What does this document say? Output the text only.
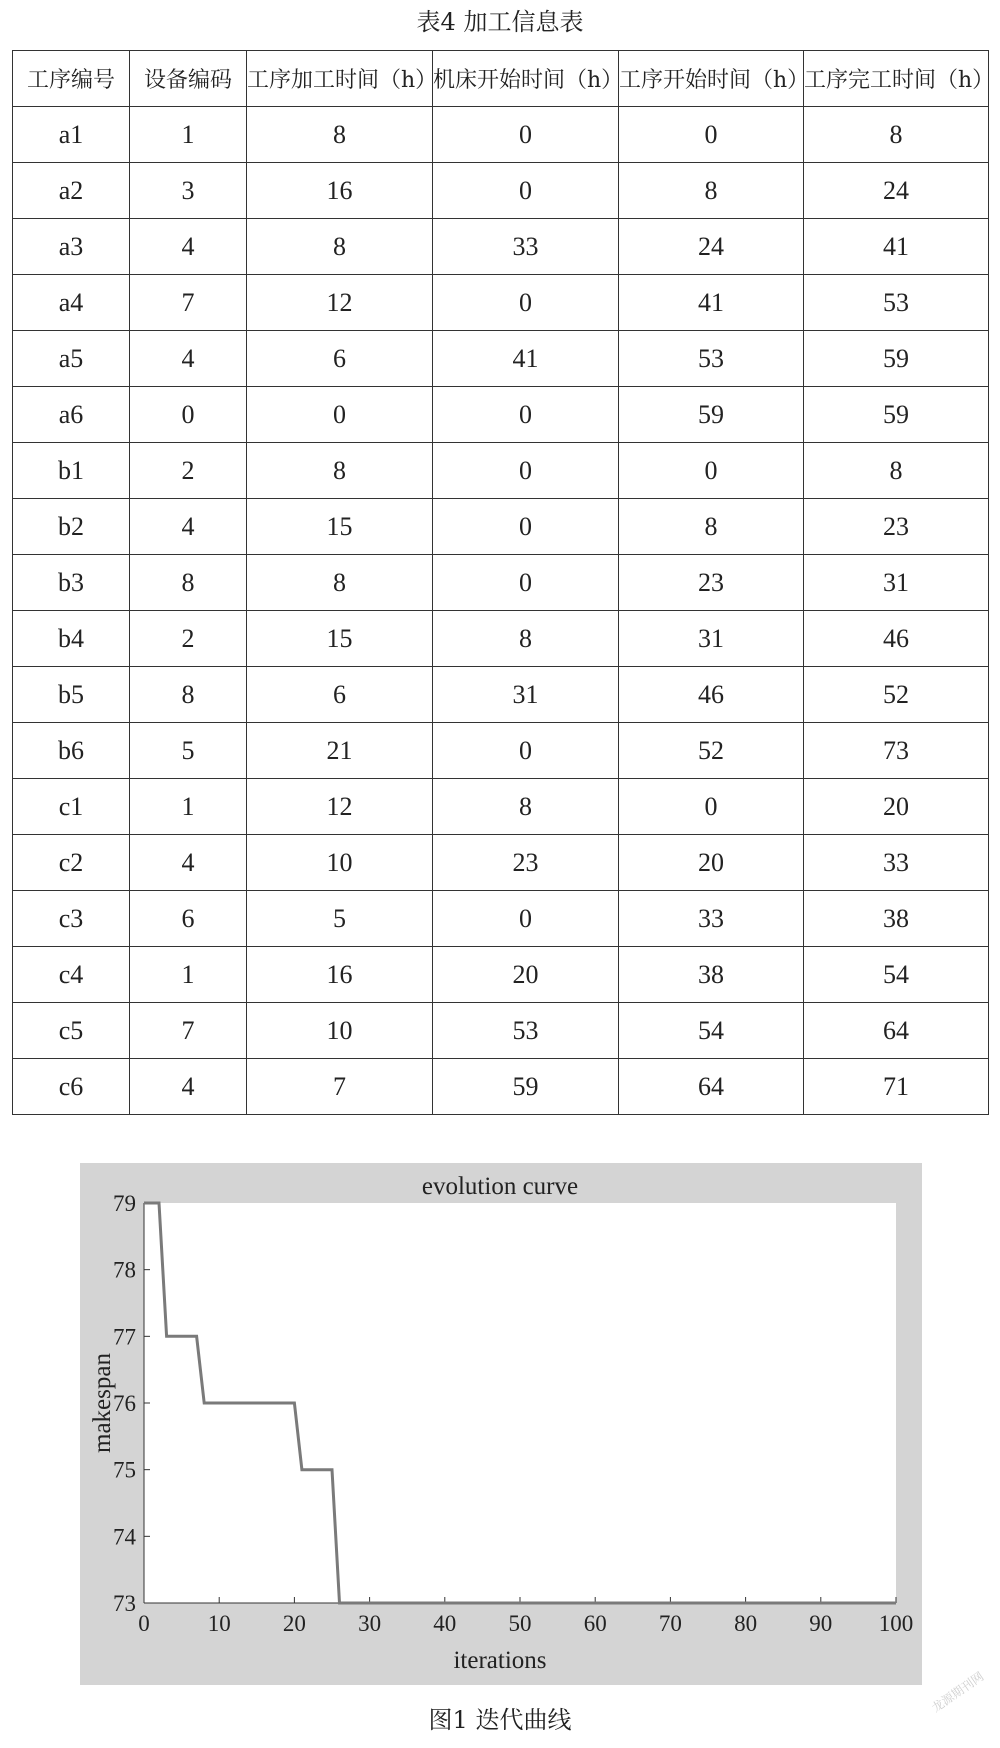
表4 加工信息表
工序编号	设备编码	工序加工时间（h）	机床开始时间（h）	工序开始时间（h）	工序完工时间（h）
a1	1	8	0	0	8
a2	3	16	0	8	24
a3	4	8	33	24	41
a4	7	12	0	41	53
a5	4	6	41	53	59
a6	0	0	0	59	59
b1	2	8	0	0	8
b2	4	15	0	8	23
b3	8	8	0	23	31
b4	2	15	8	31	46
b5	8	6	31	46	52
b6	5	21	0	52	73
c1	1	12	8	0	20
c2	4	10	23	20	33
c3	6	5	0	33	38
c4	1	16	20	38	54
c5	7	10	53	54	64
c6	4	7	59	64	71
evolution curve
iterations
makespan
0	10 20 30 40 50 60 70 80 90 100
73
74
75
76
77
78
79
图1 迭代曲线
龙源期刊网
